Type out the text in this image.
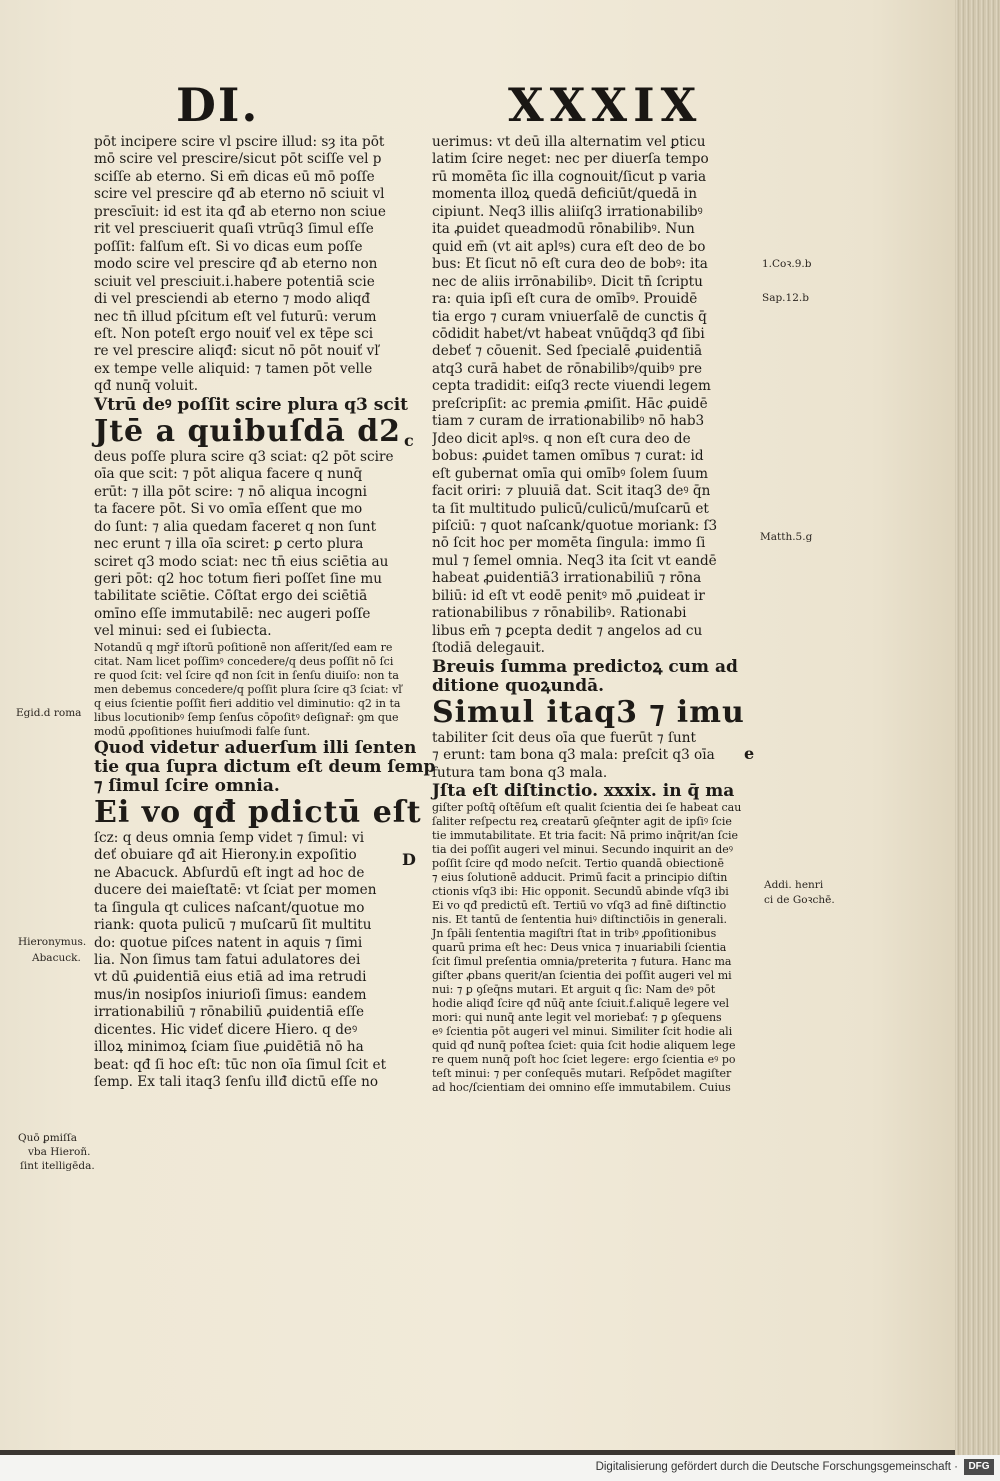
DI.	XXXIX
pōt incipere scire vl pscire illud: sȝ ita pōt
mō scire vel prescire/sicut pōt sciſſe vel p
sciſſe ab eterno. Si em̄ dicas eū mō poſſe
scire vel prescire qđ ab eterno nō sciuit vl
prescīuit: id est ita qđ ab eterno non sciue
rit vel presciuerit quaſi vtrūq3 ſimul eſſe
poſſit: falſum eſt. Si vo dicas eum poſſe
modo scire vel prescire qđ ab eterno non
sciuit vel presciuit.i.habere potentiā scie
di vel presciendi ab eterno ⁊ modo aliqđ
nec tn̄ illud pſcitum eſt vel futurū: verum
eſt. Non poteſt ergo nouiť vel ex tēpe sci
re vel prescire aliqđ: sicut nō pōt nouiť vľ
ex tempe velle aliquid: ⁊ tamen pōt velle
qđ nunq̄ voluit.
Vtrū deꝰ poſſit scire plura q3 scit
Jtē a quibuſdā d2
deus poſſe plura scire q3 sciat: q2 pōt scire
oīa que scit: ⁊ pōt aliqua facere q nunq̄
erūt: ⁊ illa pōt scire: ⁊ nō aliqua incogni
ta facere pōt. Si vo omīa eſſent que mo
do ſunt: ⁊ alia quedam faceret q non ſunt
nec erunt ⁊ illa oīa sciret: ꝑ certo plura
sciret q3 modo sciat: nec tn̄ eius sciētia au
geri pōt: q2 hoc totum fieri poſſet ſine mu
tabilitate sciētie. Cōſtat ergo dei sciētiā
omīno eſſe immutabilē: nec augeri poſſe
vel minui: sed ei ſubiecta.
Notandū q mgř iſtorū poſitionē non aſſerit/ſed eam re
citat. Nam licet poſſimꝰ concedere/q deus poſſit nō ſci
re quod ſcit: vel ſcire qđ non ſcit in ſenſu diuiſo: non ta
men debemus concedere/q poſſit plura ſcire q3 ſciat: vľ
q eius ſcientie poſſit fieri additio vel diminutio: q2 in ta
libus locutionibꝰ ſemp ſenſus cōpoſitꝰ deſignař: ꝯm que
modū ꝓpoſitiones huiuſmodi falſe ſunt.
Quod videtur aduerſum illi ſenten
tie qua ſupra dictum eſt deum ſemp
⁊ ſimul ſcire omnia.
Ei vo qđ pdictū eſt
ſcz: q deus omnia ſemp videt ⁊ ſimul: vi
deť obuiare qđ ait Hierony.in expoſitio
ne Abacuck. Abſurdū eſt ingt ad hoc de
ducere dei maieſtatē: vt ſciat per momen
ta ſingula qt culices naſcant/quotue mo
riank: quota pulicū ⁊ muſcarū ſit multitu
do: quotue piſces natent in aquis ⁊ ſimi
lia. Non ſimus tam fatui adulatores dei
vt dū ꝓuidentiā eius etiā ad ima retrudi
mus/in nosipſos iniurioſi ſimus: eandem
irrationabiliū ⁊ rōnabiliū ꝓuidentiā eſſe
dicentes. Hic videť dicere Hiero. q deꝰ
illoꝝ minimoꝝ ſciam ſiue ꝓuidētiā nō ha
beat: qđ ſi hoc eſt: tūc non oīa ſimul ſcit et
ſemp. Ex tali itaq3 ſenſu illđ dictū eſſe no
uerimus: vt deū illa alternatim vel ꝑticu
latim ſcire neget: nec per diuerſa tempo
rū momēta ſic illa cognouit/ſicut p varia
momenta illoꝝ quedā deficiūt/quedā in
cipiunt. Neq3 illis aliiſq3 irrationabilibꝰ
ita ꝓuidet queadmodū rōnabilibꝰ. Nun
quid em̄ (vt ait aplꝰs) cura eſt deo de bo
bus: Et ſicut nō eſt cura deo de bobꝰ: ita
nec de aliis irrōnabilibꝰ. Dicit tn̄ ſcriptu
ra: quia ipſi eſt cura de omībꝰ. Prouidē
tia ergo ⁊ curam vniuerſalē de cunctis q̄
cōdidit habet/vt habeat vnūq̄dq3 qđ ſibi
debeť ⁊ cōuenit. Sed ſpecialē ꝓuidentiā
atq3 curā habet de rōnabilibꝰ/quibꝰ pre
cepta tradidit: eiſq3 recte viuendi legem
preſcripſit: ac premia ꝓmiſit. Hāc ꝓuidē
tiam ⁊ curam de irrationabilibꝰ nō hab3
Jdeo dicit aplꝰs. q non eſt cura deo de
bobus: ꝓuidet tamen omībus ⁊ curat: id
eſt gubernat omīa qui omībꝰ ſolem ſuum
facit oriri: ⁊ pluuiā dat. Scit itaq3 deꝰ q̄n
ta ſit multitudo pulicū/culicū/muſcarū et
piſciū: ⁊ quot naſcank/quotue moriank: ſ3
nō ſcit hoc per momēta ſingula: immo ſi
mul ⁊ ſemel omnia. Neq3 ita ſcit vt eandē
habeat ꝓuidentiā3 irrationabiliū ⁊ rōna
biliū: id eſt vt eodē penitꝰ mō ꝓuideat ir
rationabilibus ⁊ rōnabilibꝰ. Rationabi
libus em̄ ⁊ ꝑcepta dedit ⁊ angelos ad cu
ſtodiā delegauit.
Breuis ſumma predictoꝝ cum ad
ditione quoꝝundā.
Simul itaq3 ⁊ imu
tabiliter ſcit deus oīa que fuerūt ⁊ ſunt
⁊ erunt: tam bona q3 mala: preſcit q3 oīa
futura tam bona q3 mala.
Jſta eſt diſtinctio. xxxix. in q̄ ma
giſter poſtq̄ oſtēſum eſt qualit ſcientia dei ſe habeat cau
ſaliter reſpectu reꝝ creatarū ꝯſeq̄nter agit de ipſiꝰ ſcie
tie immutabilitate. Et tria facit: Nā primo inq̄rit/an ſcie
tia dei poſſit augeri vel minui. Secundo inquirit an deꝰ
poſſit ſcire qđ modo neſcit. Tertio quandā obiectionē
⁊ eius ſolutionē adducit. Primū facit a principio diſtin
ctionis vſq3 ibi: Hic opponit. Secundū abinde vſq3 ibi
Ei vo qđ predictū eſt. Tertiū vo vſq3 ad finē diſtinctio
nis. Et tantū de ſententia huiꝰ diſtinctiōis in generali.
Jn ſpāli ſententia magiſtri ſtat in tribꝰ ꝓpoſitionibus
quarū prima eſt hec: Deus vnica ⁊ inuariabili ſcientia
ſcit ſimul preſentia omnia/preterita ⁊ futura. Hanc ma
giſter ꝓbans querit/an ſcientia dei poſſit augeri vel mi
nui: ⁊ ꝑ ꝯſeq̄ns mutari. Et arguit q ſic: Nam deꝰ pōt
hodie aliqđ ſcire qđ nūq̄ ante ſciuit.f.aliquē legere vel
mori: qui nunq̄ ante legit vel moriebať: ⁊ ꝑ ꝯſequens
eꝰ ſcientia pōt augeri vel minui. Similiter ſcit hodie ali
quid qđ nunq̄ poſtea ſciet: quia ſcit hodie aliquem lege
re quem nunq̄ poſt hoc ſciet legere: ergo ſcientia eꝰ po
teſt minui: ⁊ per conſequēs mutari. Reſpōdet magiſter
ad hoc/ſcientiam dei omnino eſſe immutabilem. Cuius
c
D
e
1.Coꝛ.9.b
Sap.12.b
Matth.5.g
Egid.d roma
Hieronymus.
Abacuck.
Quō ꝑmiſſa
vba Hieroñ.
ſint itelligēda.
Addi. henri
ci de Goꝛchē.
Digitalisierung gefördert durch die Deutsche Forschungsgemeinschaft ·	DFG
